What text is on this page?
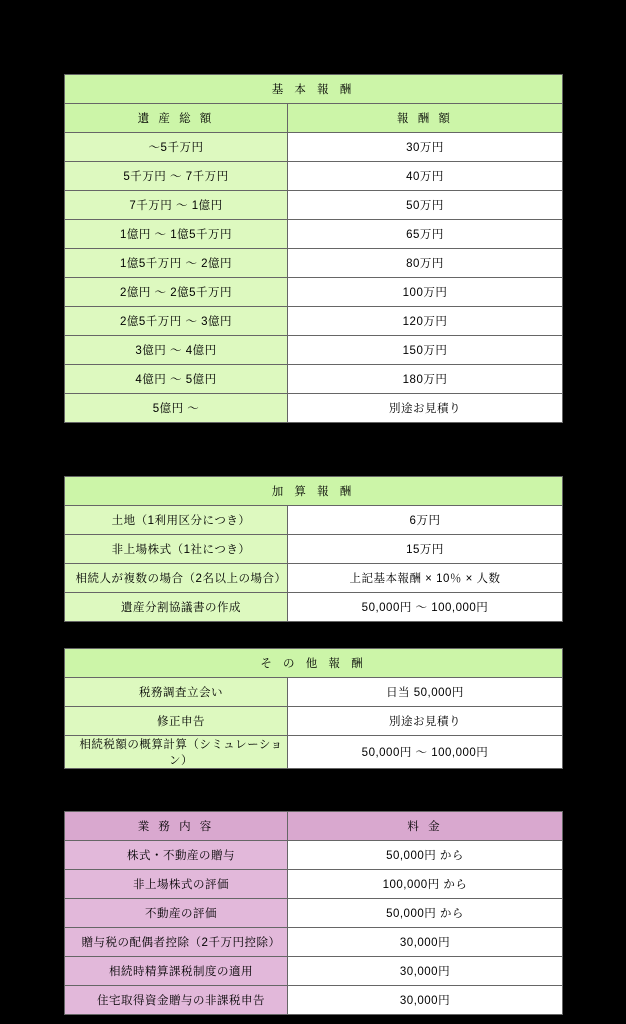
基 本 報 酬	
遺 産 総 額	報 酬 額
〜5千万円	30万円
5千万円 〜 7千万円	40万円
7千万円 〜 1億円	50万円
1億円 〜 1億5千万円	65万円
1億5千万円 〜 2億円	80万円
2億円 〜 2億5千万円	100万円
2億5千万円 〜 3億円	120万円
3億円 〜 4億円	150万円
4億円 〜 5億円	180万円
5億円 〜	別途お見積り
加 算 報 酬	
土地（1利用区分につき）	6万円
非上場株式（1社につき）	15万円
相続人が複数の場合（2名以上の場合）	上記基本報酬 × 10％ × 人数
遺産分割協議書の作成	50,000円 〜 100,000円
そ の 他 報 酬	
税務調査立会い	日当 50,000円
修正申告	別途お見積り
相続税額の概算計算（シミュレーション）	50,000円 〜 100,000円
業 務 内 容	料 金
株式・不動産の贈与	50,000円 から
非上場株式の評価	100,000円 から
不動産の評価	50,000円 から
贈与税の配偶者控除（2千万円控除）	30,000円
相続時精算課税制度の適用	30,000円
住宅取得資金贈与の非課税申告	30,000円
